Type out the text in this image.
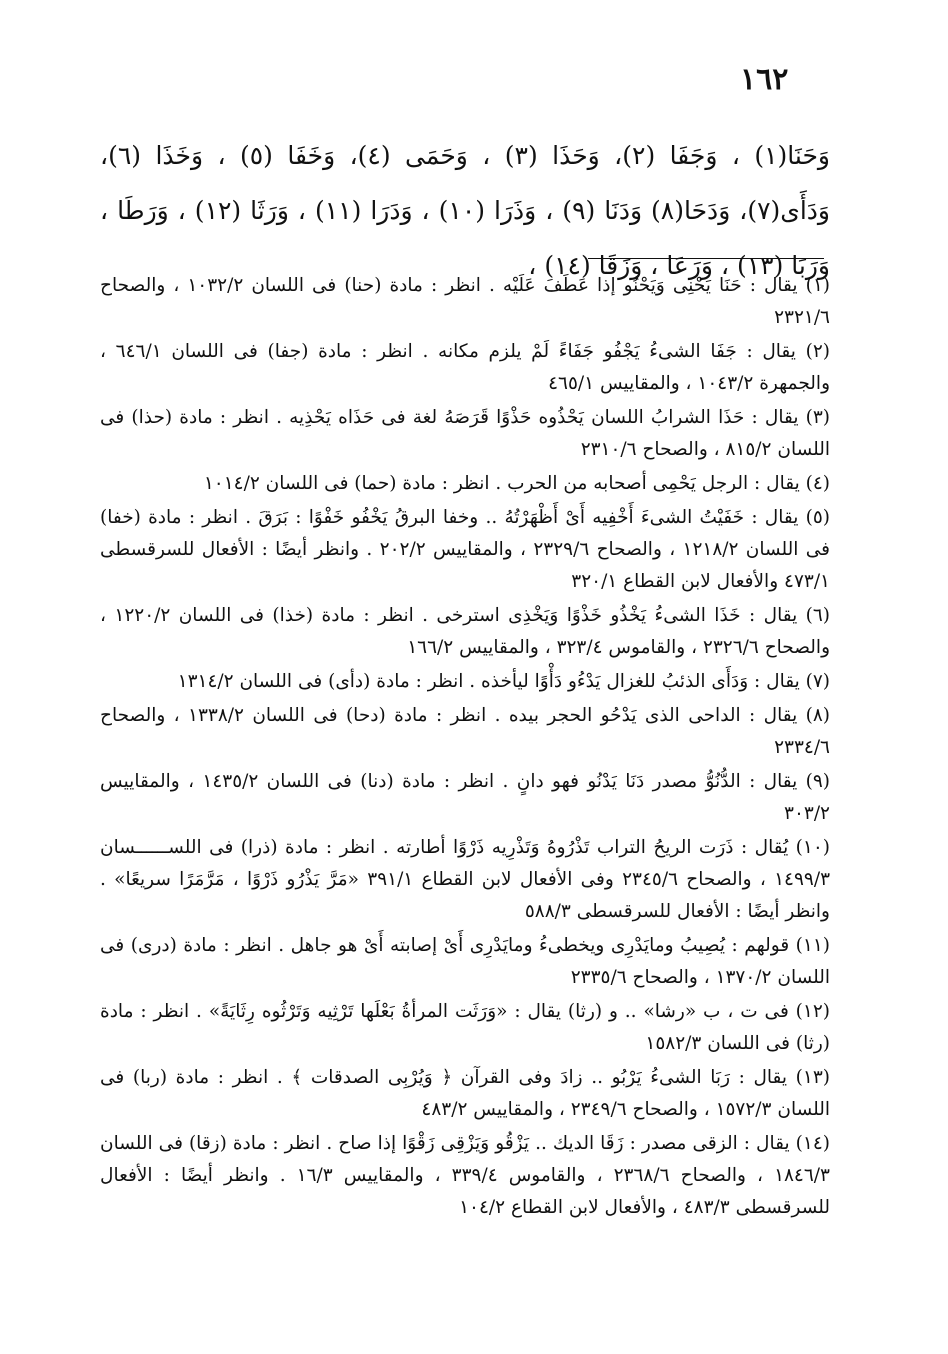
١٦٢

وَحَنَا(١) ، وَجَفَا (٢)، وَحَذَا (٣) ، وَحَمَى (٤)، وَخَفَا (٥) ، وَخَذَا (٦)، وَدَأَى(٧)، وَدَحَا(٨) وَدَنَا (٩) ، وَذَرَا (١٠) ، وَدَرَا (١١) ، وَرَثَا (١٢) ، وَرَطَا ، وَرَبَا (١٣) ، وَرَعَا ، وَزَقَا (١٤) ،

(١) يقال : حَنَا يَحْنِى وَيَحْنُو إذا عَطَفَ عَلَيْه . انظر : مادة (حنا) فى اللسان ١٠٣٢/٢ ، والصحاح ٢٣٢١/٦

(٢) يقال : جَفَا الشىءُ يَجْفُو جَفَاءً لَمْ يلزم مكانه . انظر : مادة (جفا) فى اللسان ٦٤٦/١ ، والجمهرة ١٠٤٣/٢ ، والمقاييس ٤٦٥/١

(٣) يقال : حَذَا الشرابُ اللسان يَحْذُوه حَذْوًا قَرَصَهُ لغة فى حَذَاه يَحْذِيه . انظر : مادة (حذا) فى اللسان ٨١٥/٢ ، والصحاح ٢٣١٠/٦

(٤) يقال : الرجل يَحْمِى أصحابه من الحرب . انظر : مادة (حما) فى اللسان ١٠١٤/٢

(٥) يقال : خَفَيْتُ الشىءَ أَخْفِيه أَىْ أَظْهَرْتُهُ .. وخفا البرقُ يَخْفُو خَفْوًا : بَرَقَ . انظر : مادة (خفا) فى اللسان ١٢١٨/٢ ، والصحاح ٢٣٢٩/٦ ، والمقاييس ٢٠٢/٢ . وانظر أيضًا : الأفعال للسرقسطى ٤٧٣/١ والأفعال لابن القطاع ٣٢٠/١

(٦) يقال : خَذَا الشىءُ يَخْذُو خَذْوًا وَيَخْذِى استرخى . انظر : مادة (خذا) فى اللسان ١٢٢٠/٢ ، والصحاح ٢٣٢٦/٦ ، والقاموس ٣٢٣/٤ ، والمقاييس ١٦٦/٢

(٧) يقال : وَدَأَى الذئبُ للغزال يَدْءُو دَأْوًا ليأخذه . انظر : مادة (دأى) فى اللسان ١٣١٤/٢

(٨) يقال : الداحى الذى يَدْحُو الحجر بيده . انظر : مادة (دحا) فى اللسان ١٣٣٨/٢ ، والصحاح ٢٣٣٤/٦

(٩) يقال : الدُّنُوُّ مصدر دَنَا يَدْنُو فهو دانٍ . انظر : مادة (دنا) فى اللسان ١٤٣٥/٢ ، والمقاييس ٣٠٣/٢

(١٠) يُقال : ذَرَت الريحُ التراب تَذْرُوهُ وَتَذْرِيه ذَرْوًا أطارته . انظر : مادة (ذرا) فى اللســــــسان ١٤٩٩/٣ ، والصحاح ٢٣٤٥/٦ وفى الأفعال لابن القطاع ٣٩١/١ «مَرَّ يَذْرُو ذَرْوًا ، مَرَّمَرًا سريعًا» . وانظر أيضًا : الأفعال للسرقسطى ٥٨٨/٣

(١١) قولهم : يُصِيبُ ومايَدْرِى ويخطىءُ ومايَدْرِى أَىْ إصابته أَىْ هو جاهل . انظر : مادة (درى) فى اللسان ١٣٧٠/٢ ، والصحاح ٢٣٣٥/٦

(١٢) فى ت ، ب «رشا» .. و (رثا) يقال : «وَرَثَت المرأةُ بَعْلَها تَرْثِيه وَتَرْثُوه رِثَايَةً» . انظر : مادة (رثا) فى اللسان ١٥٨٢/٣

(١٣) يقال : رَبَا الشىءُ يَرْبُو .. زادَ وفى القرآن ﴿ وَيُرْبِى الصدقات ﴾ . انظر : مادة (ربا) فى اللسان ١٥٧٢/٣ ، والصحاح ٢٣٤٩/٦ ، والمقاييس ٤٨٣/٢

(١٤) يقال : الزقى مصدر : زَقَا الديك .. يَزْقُو وَيَزْقِى زَقْوًا إذا صاح . انظر : مادة (زقا) فى اللسان ١٨٤٦/٣ ، والصحاح ٢٣٦٨/٦ ، والقاموس ٣٣٩/٤ ، والمقاييس ١٦/٣ . وانظر أيضًا : الأفعال للسرقسطى ٤٨٣/٣ ، والأفعال لابن القطاع ١٠٤/٢
